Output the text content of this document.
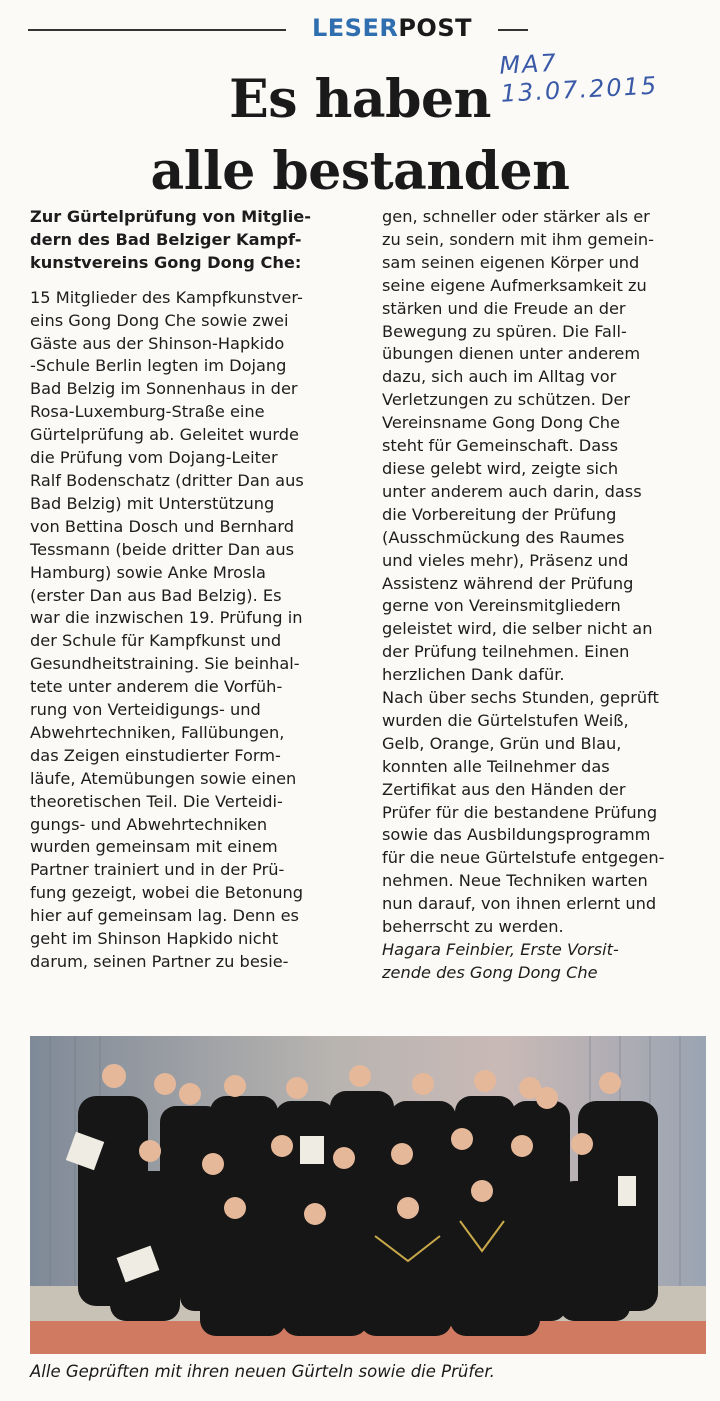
LESERPOST
MA7 13.07.2015
Es haben
alle bestanden
Zur Gürtelprüfung von Mitglie-
dern des Bad Belziger Kampf-
kunstvereins Gong Dong Che:
15 Mitglieder des Kampfkunstver-
eins Gong Dong Che sowie zwei
Gäste aus der Shinson-Hapkido
-Schule Berlin legten im Dojang
Bad Belzig im Sonnenhaus in der
Rosa-Luxemburg-Straße eine
Gürtelprüfung ab. Geleitet wurde
die Prüfung vom Dojang-Leiter
Ralf Bodenschatz (dritter Dan aus
Bad Belzig) mit Unterstützung
von Bettina Dosch und Bernhard
Tessmann (beide dritter Dan aus
Hamburg) sowie Anke Mrosla
(erster Dan aus Bad Belzig). Es
war die inzwischen 19. Prüfung in
der Schule für Kampfkunst und
Gesundheitstraining. Sie beinhal-
tete unter anderem die Vorfüh-
rung von Verteidigungs- und
Abwehrtechniken, Fallübungen,
das Zeigen einstudierter Form-
läufe, Atemübungen sowie einen
theoretischen Teil. Die Verteidi-
gungs- und Abwehrtechniken
wurden gemeinsam mit einem
Partner trainiert und in der Prü-
fung gezeigt, wobei die Betonung
hier auf gemeinsam lag. Denn es
geht im Shinson Hapkido nicht
darum, seinen Partner zu besie-
gen, schneller oder stärker als er
zu sein, sondern mit ihm gemein-
sam seinen eigenen Körper und
seine eigene Aufmerksamkeit zu
stärken und die Freude an der
Bewegung zu spüren. Die Fall-
übungen dienen unter anderem
dazu, sich auch im Alltag vor
Verletzungen zu schützen. Der
Vereinsname Gong Dong Che
steht für Gemeinschaft. Dass
diese gelebt wird, zeigte sich
unter anderem auch darin, dass
die Vorbereitung der Prüfung
(Ausschmückung des Raumes
und vieles mehr), Präsenz und
Assistenz während der Prüfung
gerne von Vereinsmitgliedern
geleistet wird, die selber nicht an
der Prüfung teilnehmen. Einen
herzlichen Dank dafür.
Nach über sechs Stunden, geprüft
wurden die Gürtelstufen Weiß,
Gelb, Orange, Grün und Blau,
konnten alle Teilnehmer das
Zertifikat aus den Händen der
Prüfer für die bestandene Prüfung
sowie das Ausbildungsprogramm
für die neue Gürtelstufe entgegen-
nehmen. Neue Techniken warten
nun darauf, von ihnen erlernt und
beherrscht zu werden.
Hagara Feinbier, Erste Vorsit-
zende des Gong Dong Che
Alle Geprüften mit ihren neuen Gürteln sowie die Prüfer.
